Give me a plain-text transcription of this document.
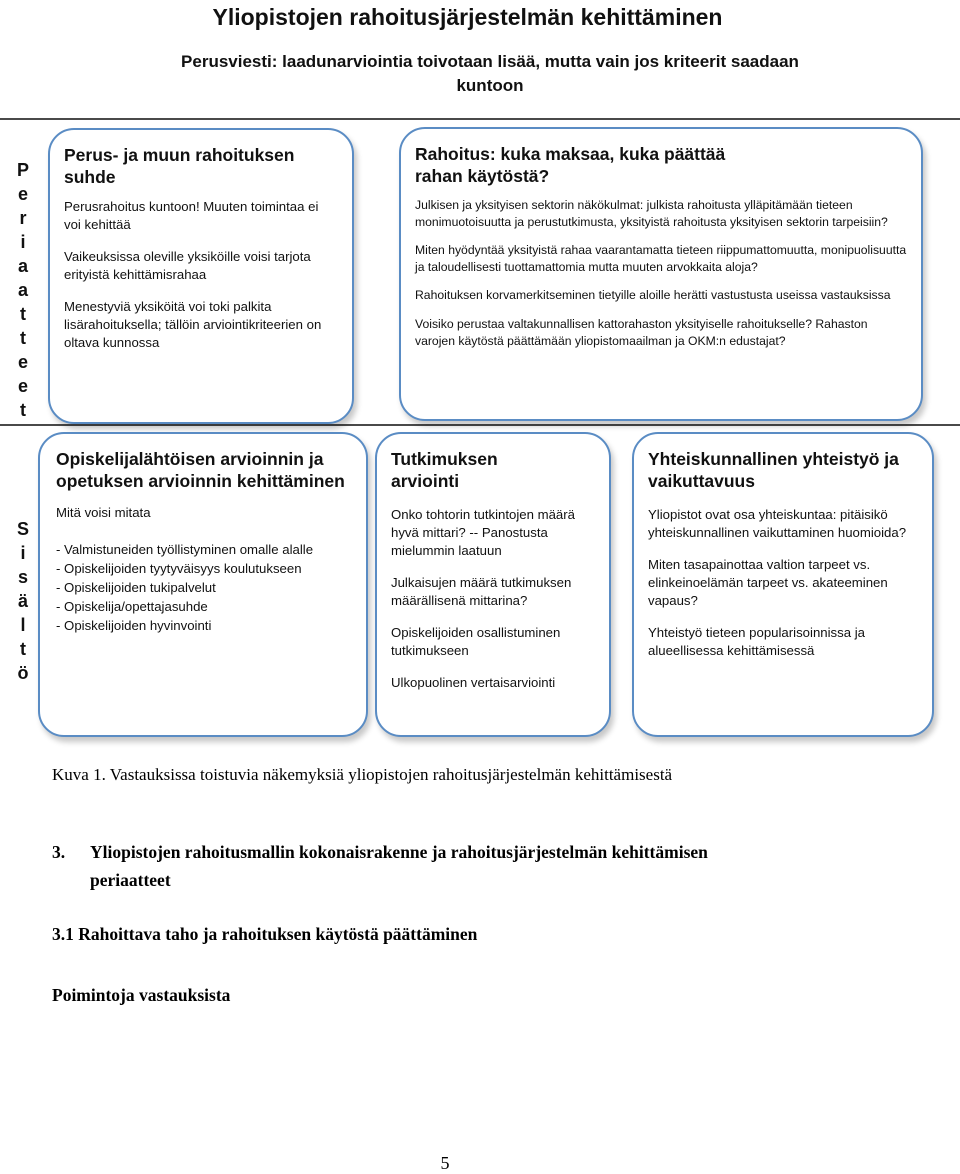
Yliopistojen rahoitusjärjestelmän kehittäminen
Perusviesti: laadunarviointia toivotaan lisää, mutta vain jos kriteerit saadaan kuntoon
P
e
r
i
a
a
t
t
e
e
t
S
i
s
ä
l
t
ö
Perus- ja muun rahoituksen suhde

Perusrahoitus kuntoon! Muuten toimintaa ei voi kehittää

Vaikeuksissa oleville yksiköille voisi tarjota erityistä kehittämisrahaa

Menestyviä yksiköitä voi toki palkita lisärahoituksella; tällöin arviointikriteerien on oltava kunnossa

Rahoitus: kuka maksaa, kuka päättää rahan käytöstä?

Julkisen ja yksityisen sektorin näkökulmat: julkista rahoitusta ylläpitämään tieteen monimuotoisuutta ja perustutkimusta, yksityistä rahoitusta yksityisen sektorin tarpeisiin?

Miten hyödyntää yksityistä rahaa vaarantamatta tieteen riippumattomuutta, monipuolisuutta ja taloudellisesti tuottamattomia mutta muuten arvokkaita aloja?

Rahoituksen korvamerkitseminen tietyille aloille herätti vastustusta useissa vastauksissa

Voisiko perustaa valtakunnallisen kattorahaston yksityiselle rahoitukselle? Rahaston varojen käytöstä päättämään yliopistomaailman ja OKM:n edustajat?

Opiskelijalähtöisen arvioinnin ja opetuksen arvioinnin kehittäminen

Mitä voisi mitata

- Valmistuneiden työllistyminen omalle alalle
- Opiskelijoiden tyytyväisyys koulutukseen
- Opiskelijoiden tukipalvelut
- Opiskelija/opettajasuhde
- Opiskelijoiden hyvinvointi
Tutkimuksen arviointi

Onko tohtorin tutkintojen määrä hyvä mittari? -- Panostusta mielummin laatuun

Julkaisujen määrä tutkimuksen määrällisenä mittarina?

Opiskelijoiden osallistuminen tutkimukseen

Ulkopuolinen vertaisarviointi

Yhteiskunnallinen yhteistyö ja vaikuttavuus

Yliopistot ovat osa yhteiskuntaa: pitäisikö yhteiskunnallinen vaikuttaminen huomioida?

Miten tasapainottaa valtion tarpeet vs. elinkeinoelämän tarpeet vs. akateeminen vapaus?

Yhteistyö tieteen popularisoinnissa ja alueellisessa kehittämisessä

Kuva 1. Vastauksissa toistuvia näkemyksiä yliopistojen rahoitusjärjestelmän kehittämisestä
3. Yliopistojen rahoitusmallin kokonaisrakenne ja rahoitusjärjestelmän kehittämisen
periaatteet
3.1 Rahoittava taho ja rahoituksen käytöstä päättäminen
Poimintoja vastauksista
5
